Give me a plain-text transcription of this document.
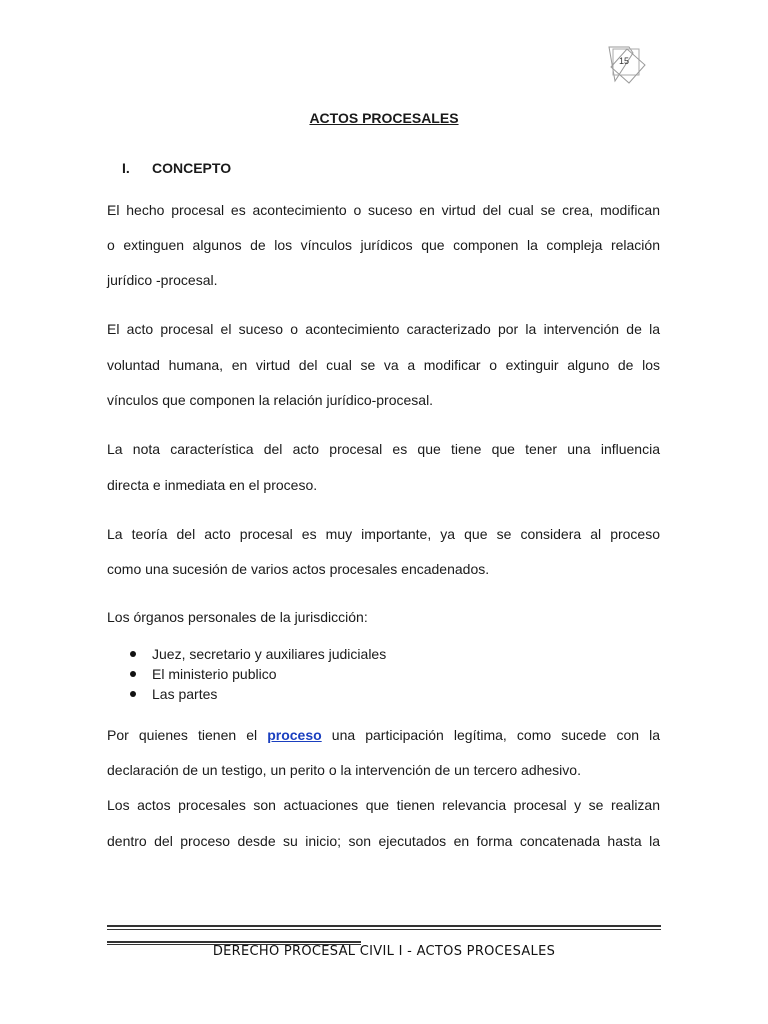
15
ACTOS PROCESALES
I. CONCEPTO
El hecho procesal es acontecimiento o suceso en virtud del cual se crea, modifican
o extinguen algunos de los vínculos jurídicos que componen la compleja relación
jurídico -procesal.
El acto procesal el suceso o acontecimiento caracterizado por la intervención de la
voluntad humana, en virtud del cual se va a modificar o extinguir alguno de los
vínculos que componen la relación jurídico-procesal.
La nota característica del acto procesal es que tiene que tener una influencia
directa e inmediata en el proceso.
La teoría del acto procesal es muy importante, ya que se considera al proceso
como una sucesión de varios actos procesales encadenados.
Los órganos personales de la jurisdicción:
Juez, secretario y auxiliares judiciales
El ministerio publico
Las partes
Por quienes tienen el proceso una participación legítima, como sucede con la
declaración de un testigo, un perito o la intervención de un tercero adhesivo.
Los actos procesales son actuaciones que tienen relevancia procesal y se realizan
dentro del proceso desde su inicio; son ejecutados en forma concatenada hasta la
DERECHO PROCESAL CIVIL I - ACTOS PROCESALES
